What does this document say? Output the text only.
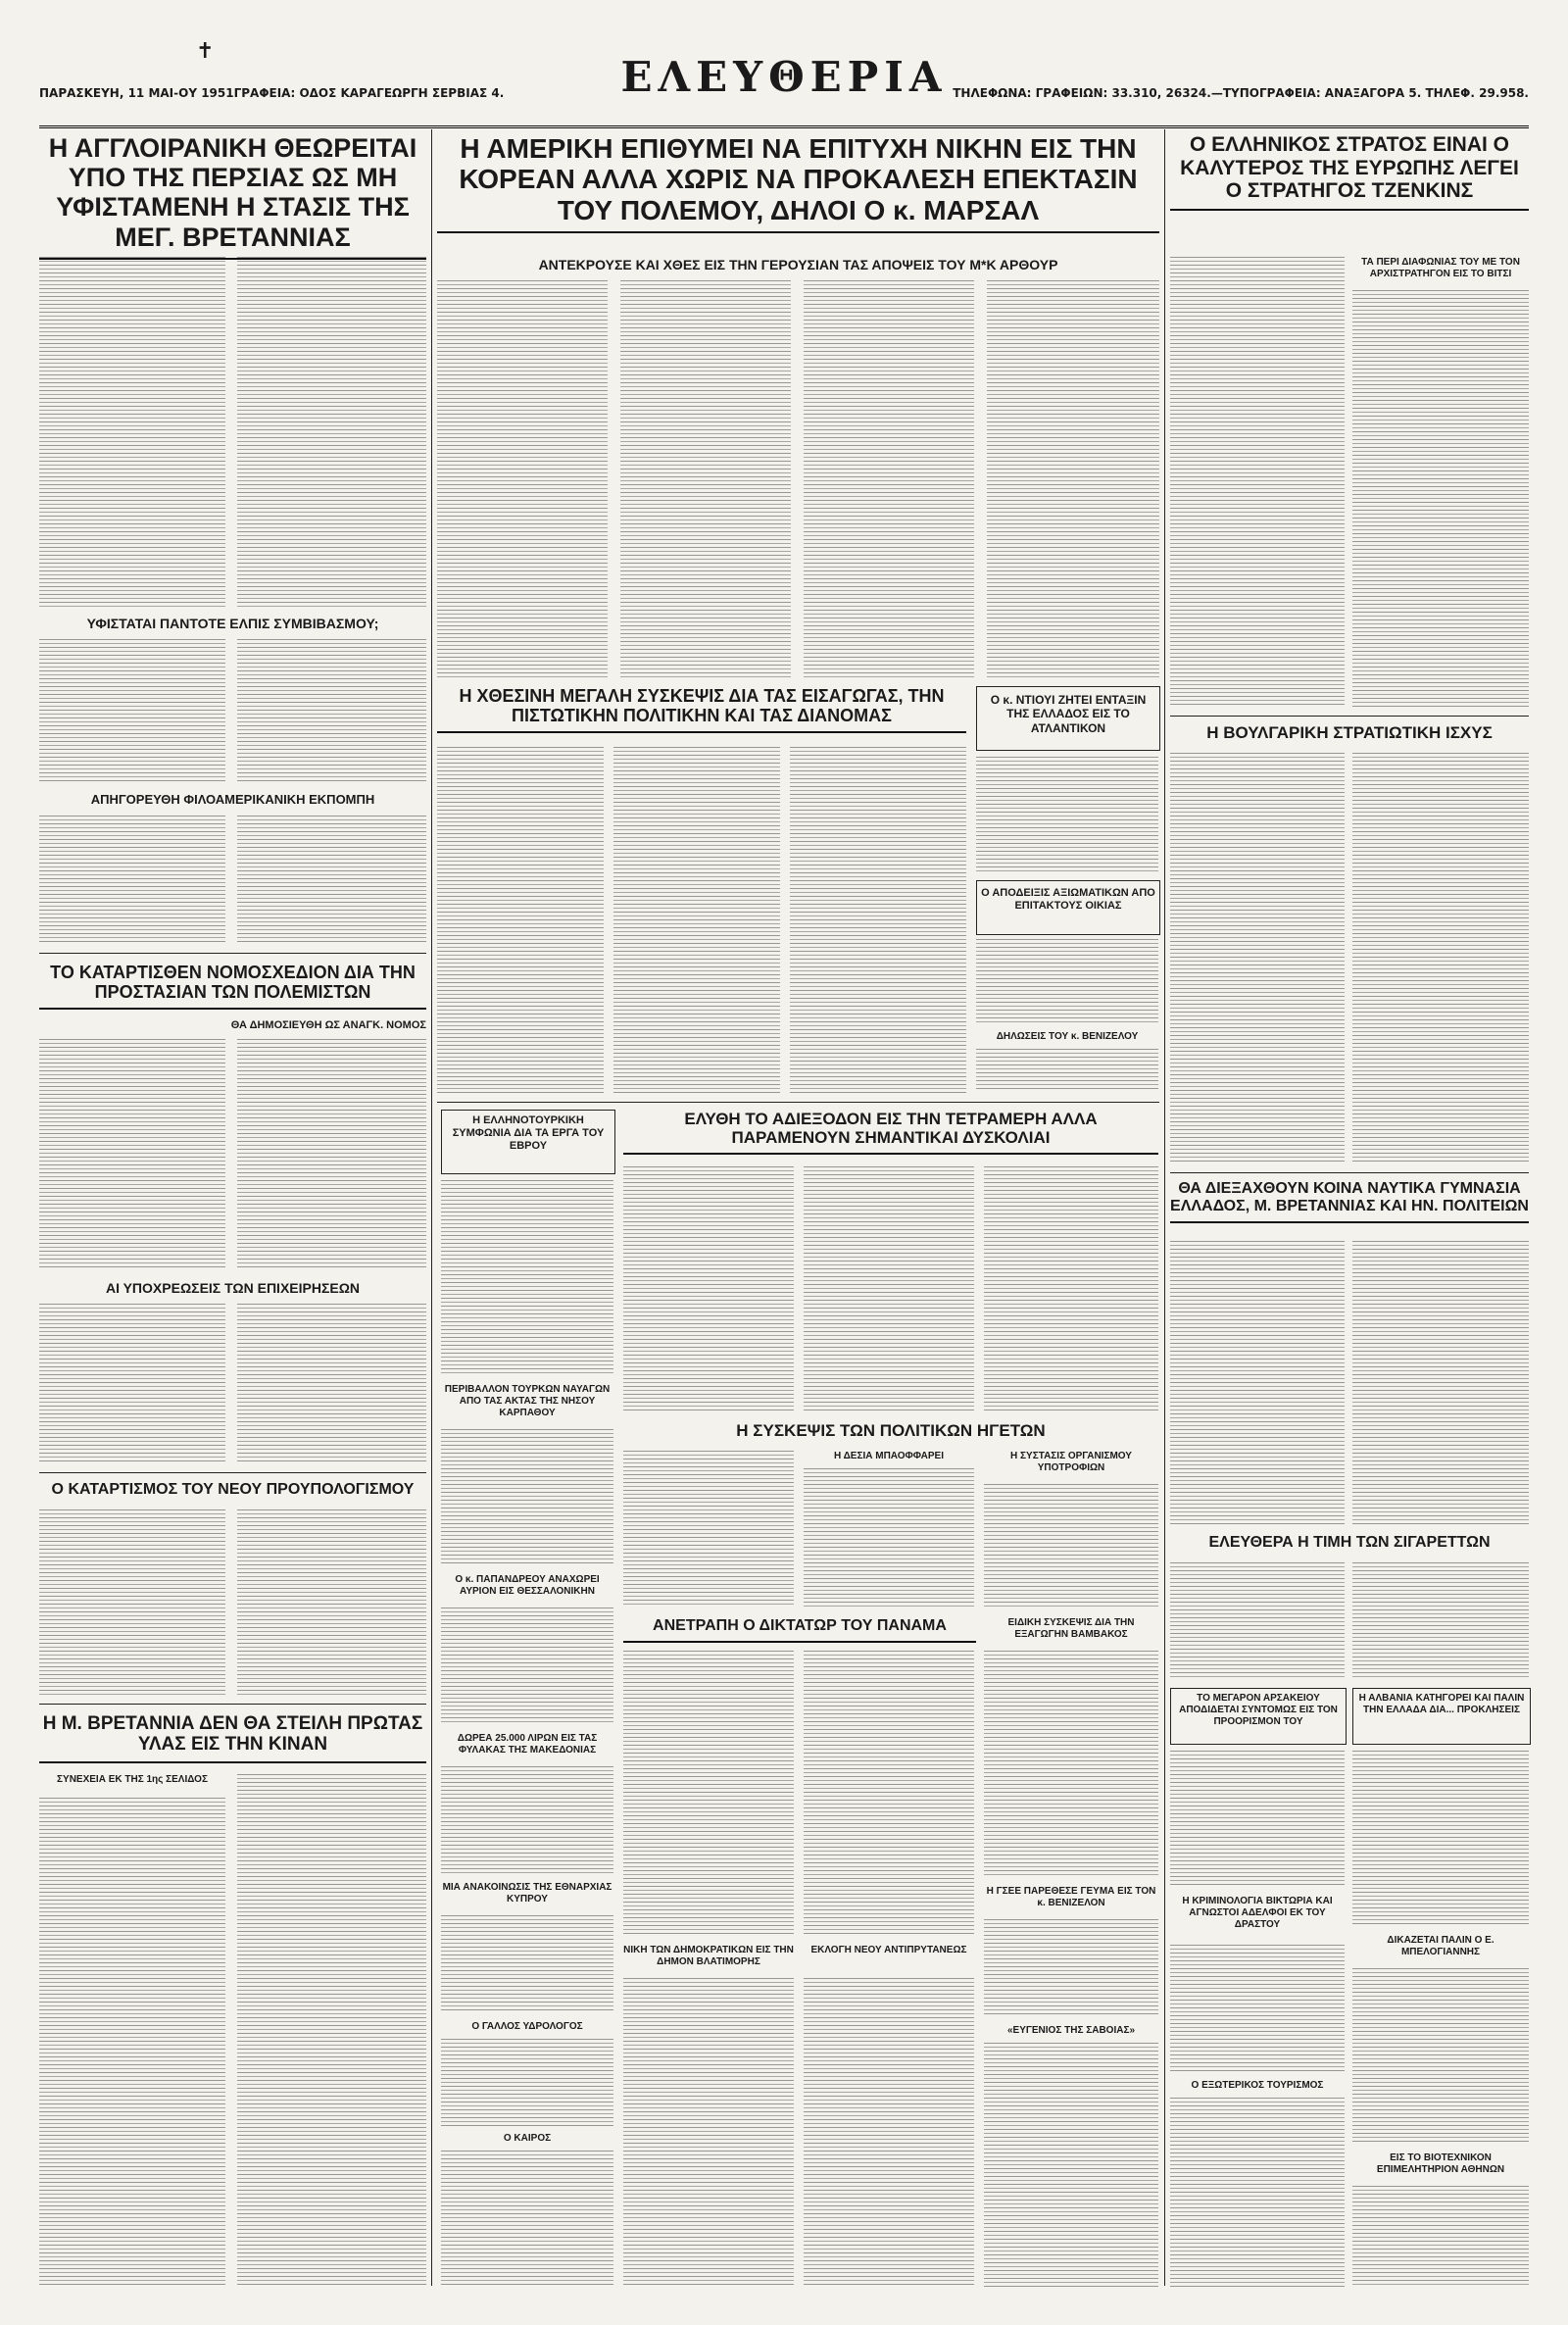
✝
ΠΑΡΑΣΚΕΥΗ, 11 ΜΑΙ-ΟΥ 1951ΓΡΑΦΕΙΑ: ΟΔΟΣ ΚΑΡΑΓΕΩΡΓΗ ΣΕΡΒΙΑΣ 4.	ΕΛΕΥΘΕΡΙΑ ΤΗΛΕΦΩΝΑ: ΓΡΑΦΕΙΩΝ: 33.310, 26324.—ΤΥΠΟΓΡΑΦΕΙΑ: ΑΝΑΞΑΓΟΡΑ 5. ΤΗΛΕΦ. 29.958.
Η ΑΓΓΛΟΙΡΑΝΙΚΗ ΘΕΩΡΕΙΤΑΙ ΥΠΟ ΤΗΣ ΠΕΡΣΙΑΣ ΩΣ ΜΗ ΥΦΙΣΤΑΜΕΝΗ Η ΣΤΑΣΙΣ ΤΗΣ ΜΕΓ. ΒΡΕΤΑΝΝΙΑΣ
ΥΦΙΣΤΑΤΑΙ ΠΑΝΤΟΤΕ ΕΛΠΙΣ ΣΥΜΒΙΒΑΣΜΟΥ;
ΑΠΗΓΟΡΕΥΘΗ ΦΙΛΟΑΜΕΡΙΚΑΝΙΚΗ ΕΚΠΟΜΠΗ
ΤΟ ΚΑΤΑΡΤΙΣΘΕΝ ΝΟΜΟΣΧΕΔΙΟΝ ΔΙΑ ΤΗΝ ΠΡΟΣΤΑΣΙΑΝ ΤΩΝ ΠΟΛΕΜΙΣΤΩΝ
ΘΑ ΔΗΜΟΣΙΕΥΘΗ ΩΣ ΑΝΑΓΚ. ΝΟΜΟΣ
ΑΙ ΥΠΟΧΡΕΩΣΕΙΣ ΤΩΝ ΕΠΙΧΕΙΡΗΣΕΩΝ
Ο ΚΑΤΑΡΤΙΣΜΟΣ ΤΟΥ ΝΕΟΥ ΠΡΟΥΠΟΛΟΓΙΣΜΟΥ
Η Μ. ΒΡΕΤΑΝΝΙΑ ΔΕΝ ΘΑ ΣΤΕΙΛΗ ΠΡΩΤΑΣ ΥΛΑΣ ΕΙΣ ΤΗΝ ΚΙΝΑΝ
ΣΥΝΕΧΕΙΑ ΕΚ ΤΗΣ 1ης ΣΕΛΙΔΟΣ
Η ΑΜΕΡΙΚΗ ΕΠΙΘΥΜΕΙ ΝΑ ΕΠΙΤΥΧΗ ΝΙΚΗΝ ΕΙΣ ΤΗΝ ΚΟΡΕΑΝ ΑΛΛΑ ΧΩΡΙΣ ΝΑ ΠΡΟΚΑΛΕΣΗ ΕΠΕΚΤΑΣΙΝ ΤΟΥ ΠΟΛΕΜΟΥ, ΔΗΛΟΙ Ο κ. ΜΑΡΣΑΛ
ΑΝΤΕΚΡΟΥΣΕ ΚΑΙ ΧΘΕΣ ΕΙΣ ΤΗΝ ΓΕΡΟΥΣΙΑΝ ΤΑΣ ΑΠΟΨΕΙΣ ΤΟΥ Μ*Κ ΑΡΘΟΥΡ
Η ΧΘΕΣΙΝΗ ΜΕΓΑΛΗ ΣΥΣΚΕΨΙΣ ΔΙΑ ΤΑΣ ΕΙΣΑΓΩΓΑΣ, ΤΗΝ ΠΙΣΤΩΤΙΚΗΝ ΠΟΛΙΤΙΚΗΝ ΚΑΙ ΤΑΣ ΔΙΑΝΟΜΑΣ
Ο κ. ΝΤΙΟΥΙ ΖΗΤΕΙ ΕΝΤΑΞΙΝ ΤΗΣ ΕΛΛΑΔΟΣ ΕΙΣ ΤΟ ΑΤΛΑΝΤΙΚΟΝ
Ο ΑΠΟΔΕΙΞΙΣ ΑΞΙΩΜΑΤΙΚΩΝ ΑΠΟ ΕΠΙΤΑΚΤΟΥΣ ΟΙΚΙΑΣ
ΔΗΛΩΣΕΙΣ ΤΟΥ κ. ΒΕΝΙΖΕΛΟΥ
Η ΕΛΛΗΝΟΤΟΥΡΚΙΚΗ ΣΥΜΦΩΝΙΑ ΔΙΑ ΤΑ ΕΡΓΑ ΤΟΥ ΕΒΡΟΥ
ΠΕΡΙΒΑΛΛΟΝ ΤΟΥΡΚΩΝ ΝΑΥΑΓΩΝ ΑΠΟ ΤΑΣ ΑΚΤΑΣ ΤΗΣ ΝΗΣΟΥ ΚΑΡΠΑΘΟΥ
Ο κ. ΠΑΠΑΝΔΡΕΟΥ ΑΝΑΧΩΡΕΙ ΑΥΡΙΟΝ ΕΙΣ ΘΕΣΣΑΛΟΝΙΚΗΝ
ΔΩΡΕΑ 25.000 ΛΙΡΩΝ ΕΙΣ ΤΑΣ ΦΥΛΑΚΑΣ ΤΗΣ ΜΑΚΕΔΟΝΙΑΣ
ΜΙΑ ΑΝΑΚΟΙΝΩΣΙΣ ΤΗΣ ΕΘΝΑΡΧΙΑΣ ΚΥΠΡΟΥ
Ο ΓΑΛΛΟΣ ΥΔΡΟΛΟΓΟΣ
Ο ΚΑΙΡΟΣ
ΕΛΥΘΗ ΤΟ ΑΔΙΕΞΟΔΟΝ ΕΙΣ ΤΗΝ ΤΕΤΡΑΜΕΡΗ ΑΛΛΑ ΠΑΡΑΜΕΝΟΥΝ ΣΗΜΑΝΤΙΚΑΙ ΔΥΣΚΟΛΙΑΙ
Η ΣΥΣΚΕΨΙΣ ΤΩΝ ΠΟΛΙΤΙΚΩΝ ΗΓΕΤΩΝ
Η ΔΕΣΙΑ ΜΠΑΟΦΦΑΡΕΙ	Η ΣΥΣΤΑΣΙΣ ΟΡΓΑΝΙΣΜΟΥ ΥΠΟΤΡΟΦΙΩΝ
ΑΝΕΤΡΑΠΗ Ο ΔΙΚΤΑΤΩΡ ΤΟΥ ΠΑΝΑΜΑ	ΕΙΔΙΚΗ ΣΥΣΚΕΨΙΣ ΔΙΑ ΤΗΝ ΕΞΑΓΩΓΗΝ ΒΑΜΒΑΚΟΣ
Η ΓΣΕΕ ΠΑΡΕΘΕΣΕ ΓΕΥΜΑ ΕΙΣ ΤΟΝ κ. ΒΕΝΙΖΕΛΟΝ
«ΕΥΓΕΝΙΟΣ ΤΗΣ ΣΑΒΟΙΑΣ»
ΝΙΚΗ ΤΩΝ ΔΗΜΟΚΡΑΤΙΚΩΝ ΕΙΣ ΤΗΝ ΔΗΜΟΝ ΒΛΑΤΙΜΟΡΗΣ
ΕΚΛΟΓΗ ΝΕΟΥ ΑΝΤΙΠΡΥΤΑΝΕΩΣ
Ο ΕΛΛΗΝΙΚΟΣ ΣΤΡΑΤΟΣ ΕΙΝΑΙ Ο ΚΑΛΥΤΕΡΟΣ ΤΗΣ ΕΥΡΩΠΗΣ ΛΕΓΕΙ Ο ΣΤΡΑΤΗΓΟΣ ΤΖΕΝΚΙΝΣ
ΤΑ ΠΕΡΙ ΔΙΑΦΩΝΙΑΣ ΤΟΥ ΜΕ ΤΟΝ ΑΡΧΙΣΤΡΑΤΗΓΟΝ ΕΙΣ ΤΟ ΒΙΤΣΙ
Η ΒΟΥΛΓΑΡΙΚΗ ΣΤΡΑΤΙΩΤΙΚΗ ΙΣΧΥΣ
ΘΑ ΔΙΕΞΑΧΘΟΥΝ ΚΟΙΝΑ ΝΑΥΤΙΚΑ ΓΥΜΝΑΣΙΑ ΕΛΛΑΔΟΣ, Μ. ΒΡΕΤΑΝΝΙΑΣ ΚΑΙ ΗΝ. ΠΟΛΙΤΕΙΩΝ
ΕΛΕΥΘΕΡΑ Η ΤΙΜΗ ΤΩΝ ΣΙΓΑΡΕΤΤΩΝ
ΤΟ ΜΕΓΑΡΟΝ ΑΡΣΑΚΕΙΟΥ ΑΠΟΔΙΔΕΤΑΙ ΣΥΝΤΟΜΩΣ ΕΙΣ ΤΟΝ ΠΡΟΟΡΙΣΜΟΝ ΤΟΥ
Η ΑΛΒΑΝΙΑ ΚΑΤΗΓΟΡΕΙ ΚΑΙ ΠΑΛΙΝ ΤΗΝ ΕΛΛΑΔΑ ΔΙΑ... ΠΡΟΚΛΗΣΕΙΣ
Η ΚΡΙΜΙΝΟΛΟΓΙΑ ΒΙΚΤΩΡΙΑ ΚΑΙ ΑΓΝΩΣΤΟΙ ΑΔΕΛΦΟΙ ΕΚ ΤΟΥ ΔΡΑΣΤΟΥ
ΔΙΚΑΖΕΤΑΙ ΠΑΛΙΝ Ο Ε. ΜΠΕΛΟΓΙΑΝΝΗΣ
Ο ΕΞΩΤΕΡΙΚΟΣ ΤΟΥΡΙΣΜΟΣ
ΕΙΣ ΤΟ ΒΙΟΤΕΧΝΙΚΟΝ ΕΠΙΜΕΛΗΤΗΡΙΟΝ ΑΘΗΝΩΝ
